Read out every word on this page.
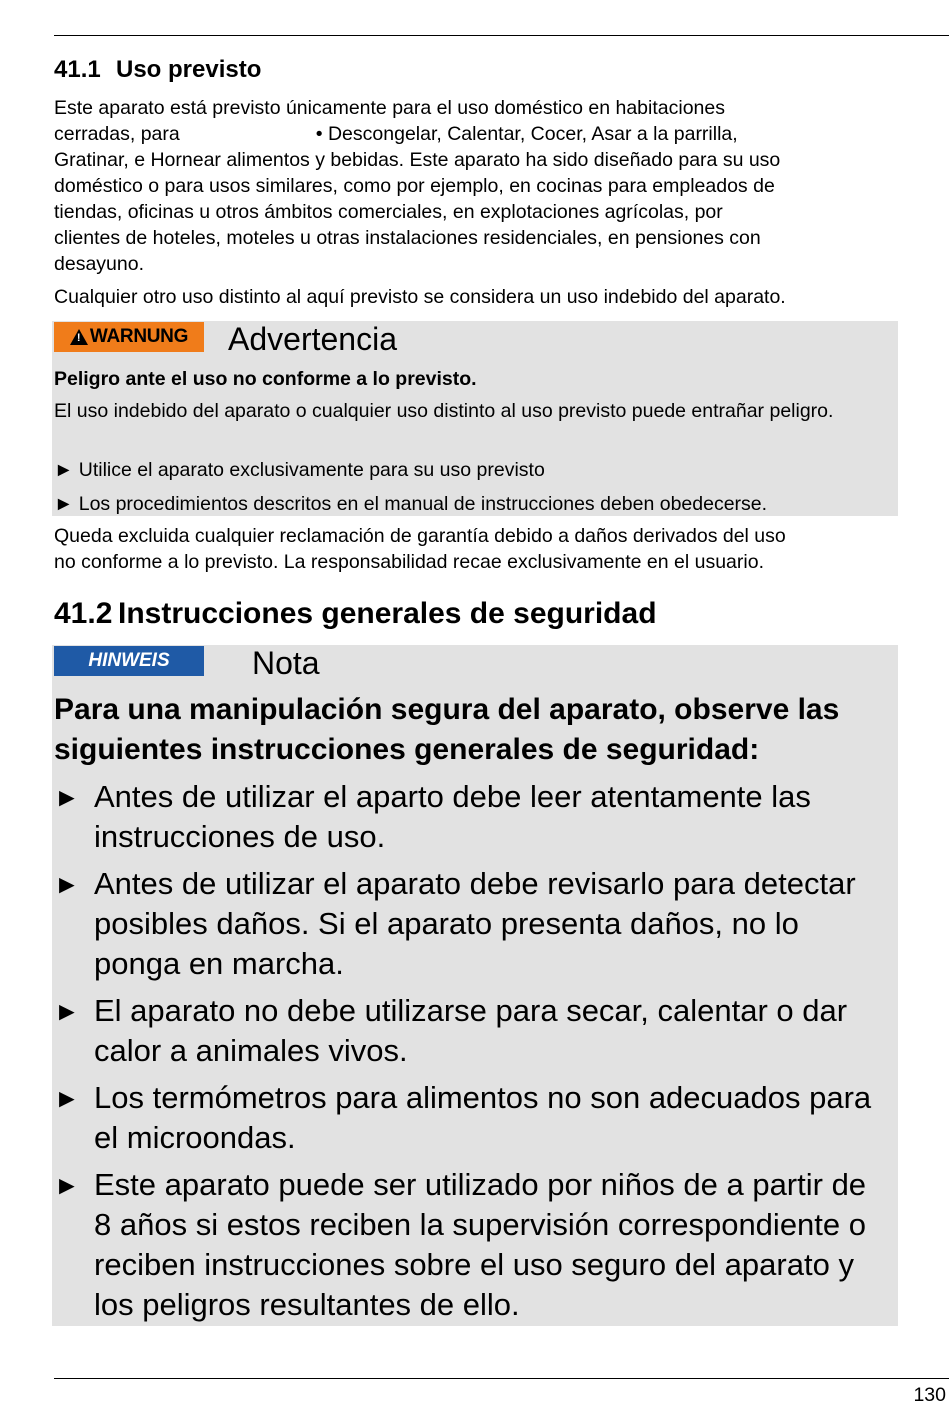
41.1 Uso previsto
Este aparato está previsto únicamente para el uso doméstico en habitaciones
cerradas, para	• Descongelar, Calentar, Cocer, Asar a la parrilla,
Gratinar, e Hornear alimentos y bebidas. Este aparato ha sido diseñado para su uso
doméstico o para usos similares, como por ejemplo, en cocinas para empleados de
tiendas, oficinas u otros ámbitos comerciales, en explotaciones agrícolas, por
clientes de hoteles, moteles u otras instalaciones residenciales, en pensiones con
desayuno.
Cualquier otro uso distinto al aquí previsto se considera un uso indebido del aparato.
!
WARNUNG Advertencia
Peligro ante el uso no conforme a lo previsto.
El uso indebido del aparato o cualquier uso distinto al uso previsto puede entrañar peligro.
► Utilice el aparato exclusivamente para su uso previsto
► Los procedimientos descritos en el manual de instrucciones deben obedecerse.
Queda excluida cualquier reclamación de garantía debido a daños derivados del uso
no conforme a lo previsto. La responsabilidad recae exclusivamente en el usuario.
41.2 Instrucciones generales de seguridad
HINWEIS	Nota
Para una manipulación segura del aparato, observe las
siguientes instrucciones generales de seguridad:
► Antes de utilizar el aparto debe leer atentamente las
instrucciones de uso.
► Antes de utilizar el aparato debe revisarlo para detectar
posibles daños. Si el aparato presenta daños, no lo
ponga en marcha.
► El aparato no debe utilizarse para secar, calentar o dar
calor a animales vivos.
► Los termómetros para alimentos no son adecuados para
el microondas.
► Este aparato puede ser utilizado por niños de a partir de
8 años si estos reciben la supervisión correspondiente o
reciben instrucciones sobre el uso seguro del aparato y
los peligros resultantes de ello.
130
